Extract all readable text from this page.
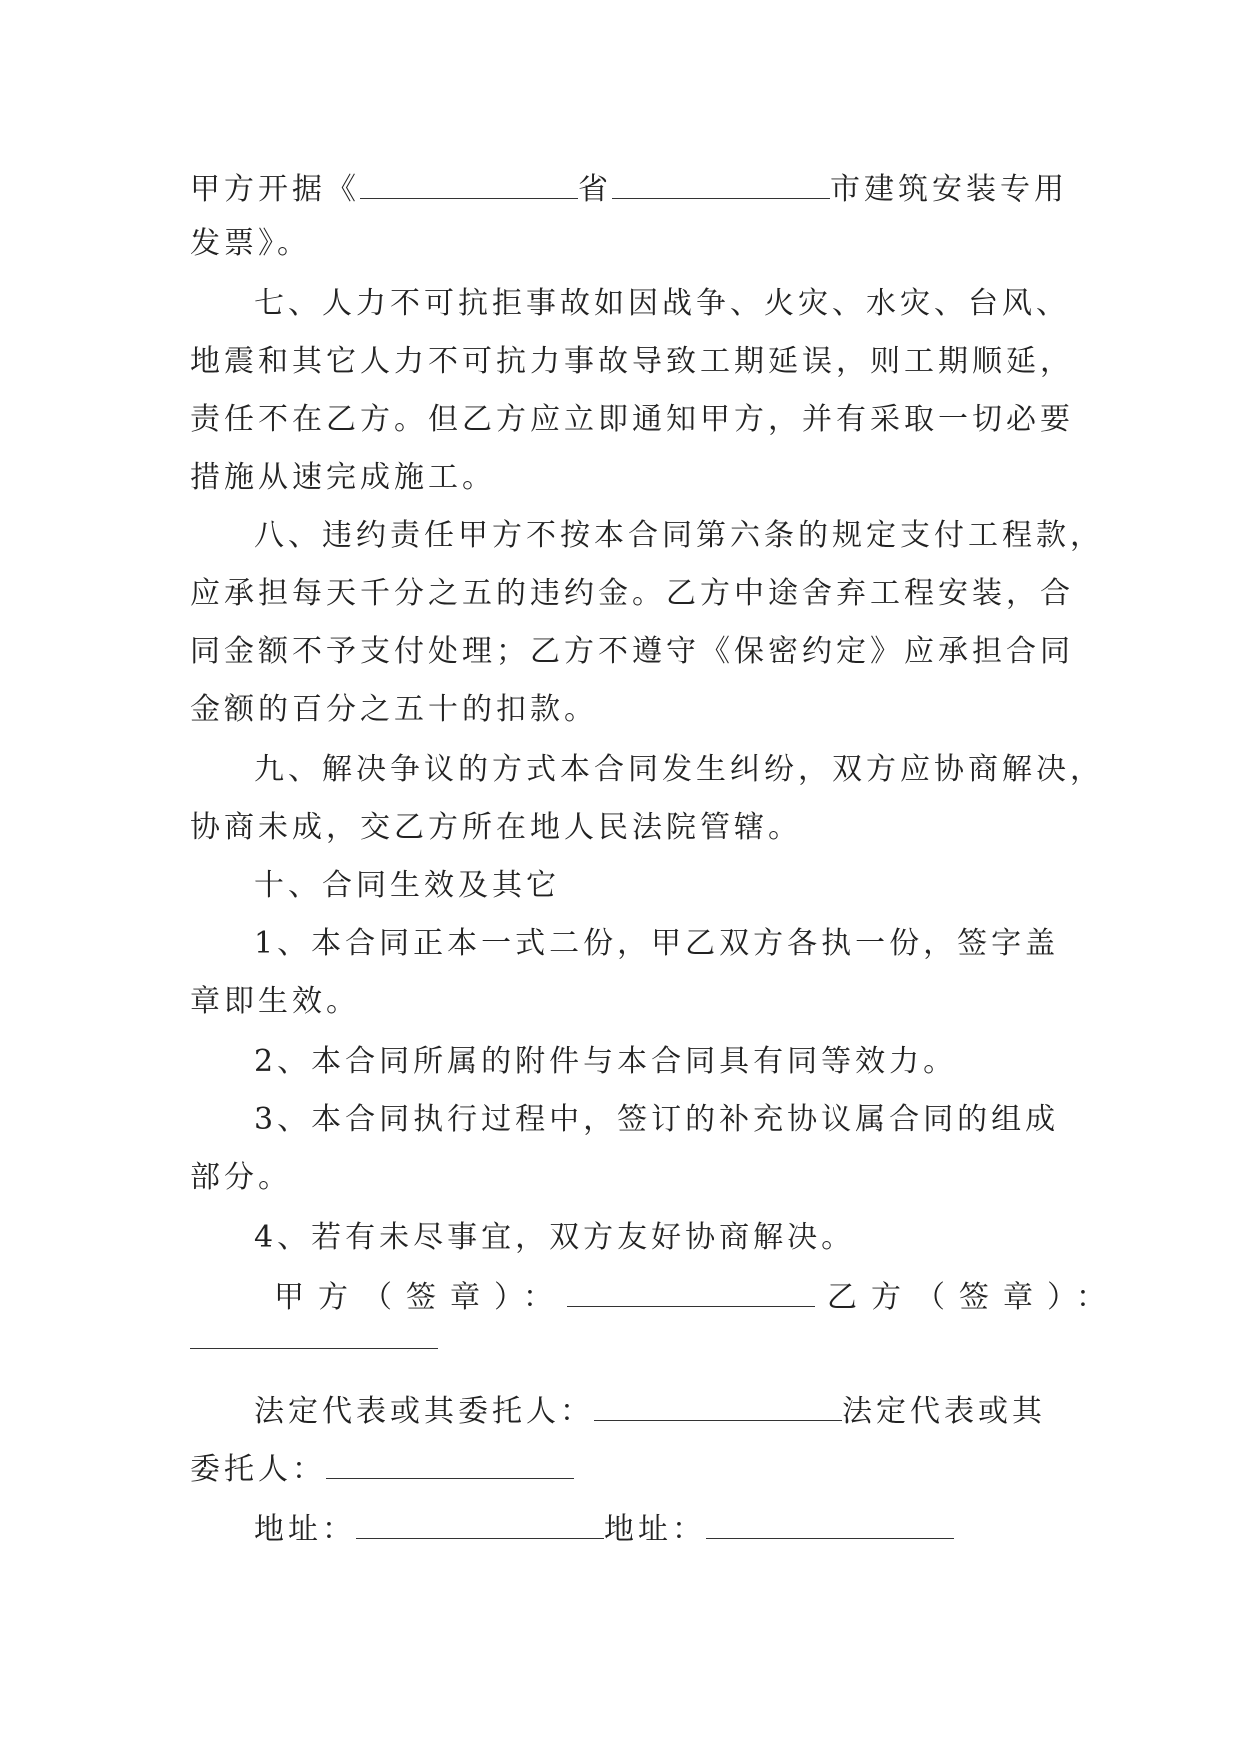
甲方开据《	省	市建筑安装专用
发票》。
七、人力不可抗拒事故如因战争、火灾、水灾、台风、
地震和其它人力不可抗力事故导致工期延误，则工期顺延，
责任不在乙方。但乙方应立即通知甲方，并有采取一切必要
措施从速完成施工。
八、违约责任甲方不按本合同第六条的规定支付工程款，
应承担每天千分之五的违约金。乙方中途舍弃工程安装，合
同金额不予支付处理；乙方不遵守《保密约定》应承担合同
金额的百分之五十的扣款。
九、解决争议的方式本合同发生纠纷，双方应协商解决，
协商未成，交乙方所在地人民法院管辖。
十、合同生效及其它
1、本合同正本一式二份，甲乙双方各执一份，签字盖
章即生效。
2、本合同所属的附件与本合同具有同等效力。
3、本合同执行过程中，签订的补充协议属合同的组成
部分。
4、若有未尽事宜，双方友好协商解决。
甲方（签章）：	乙方（签章）：
法定代表或其委托人：	法定代表或其
委托人：
地址：	地址：
